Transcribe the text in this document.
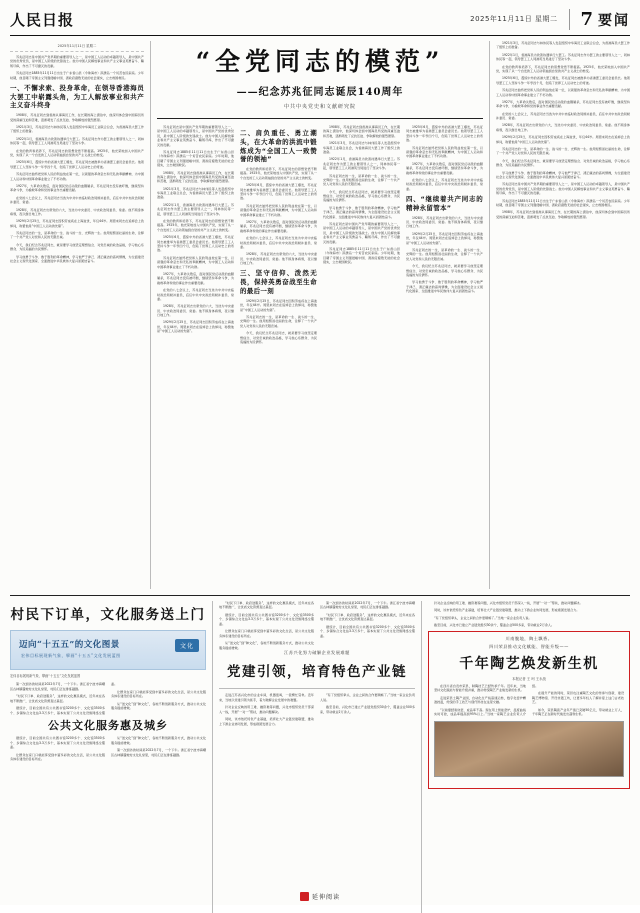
人民日报	2025年11月11日 星期二 7 要闻
2025年11月11日 星期二

苏兆征同志是中国共产党早期的重要领导人之一，是中国工人运动的卓越领导人，是中国共产党的优秀党员，是中国工人阶级的先锋战士。他为中国人民解放事业和共产主义事业英勇奋斗、鞠躬尽瘁，作出了不可磨灭的贡献。

苏兆征同志1885年11月11日出生于广东香山县（今珠海市）淇澳岛一个贫苦农民家庭。少年时期，他目睹了帝国主义列强侵略中国、清政府腐败无能的社会现实，立志救国救民。

一、不懈求索、投身革命，在领导香港海员大罢工中崭露头角，为工人解放事业和共产主义奋斗终身

1908年，苏兆征同志到香港从事海员工作，在长期的海上漂泊中，他深切体会到中国海员所受的深重压迫和苦难，逐渐萌发了反抗压迫、争取解放的强烈愿望。

1921年3月，苏兆征同志与林伟民等人发起组织中华海员工业联合总会，为香港海员大罢工作了组织上的准备。

1922年1月，香港海员为改善待遇举行大罢工。苏兆征同志作为罢工的主要领导人之一，同林伟民等一起，领导罢工工人同港英当局进行了坚决斗争。

在党的教育和培养下，苏兆征同志的思想觉悟不断提高。1925年，他光荣地加入中国共产党，实现了从一个自发的工人运动领袖到自觉的共产主义战士的转变。

1925年6月，震惊中外的省港大罢工爆发，苏兆征同志被推举为省港罢工委员会委员长。他领导罢工工人坚持斗争一年零四个月，创造了世界工人运动史上的奇迹。

苏兆征同志始终把党和人民的利益放在第一位，以顽强的革命意志和无私的奉献精神，为中国工人运动和中国革命事业建立了不朽功勋。

1927年，大革命失败后，面对国民党反动派的血腥屠杀，苏兆征同志没有被吓倒，继续坚持革命斗争，为挽救革命和党的事业作出重要贡献。

在党的八七会议上，苏兆征同志当选为中共中央临时政治局候补委员，后任中共中央政治局候补委员、常委。

1928年，苏兆征同志出席党的六大，当选为中央委员、中央政治局委员、常委。他不顾身体病弱，夜以继日地工作。

1929年2月25日，苏兆征同志因积劳成疾在上海逝世，年仅44岁。周恩来同志在追悼会上致悼词，称赞他是“中国工人运动的先驱”。

苏兆征同志的一生，是革命的一生、战斗的一生、光辉的一生。他用短暂而壮丽的生命，诠释了一个共产党人对党和人民的无限忠诚。

今天，我们纪念苏兆征同志，就是要学习他坚定理想信念、对党忠诚的政治品格，学习他心系群众、为民造福的为民情怀。

学习他勇于斗争、敢于胜利的革命精神，学习他严于律己、清正廉洁的高尚情操，为全面建设社会主义现代化国家、全面推进中华民族伟大复兴而团结奋斗。

“全党同志的模范”
——纪念苏兆征同志诞辰140周年
中共中央党史和文献研究院

苏兆征同志是中国共产党早期的重要领导人之一，是中国工人运动的卓越领导人，是中国共产党的优秀党员，是中国工人阶级的先锋战士。他为中国人民解放事业和共产主义事业英勇奋斗、鞠躬尽瘁，作出了不可磨灭的贡献。

苏兆征同志1885年11月11日出生于广东香山县（今珠海市）淇澳岛一个贫苦农民家庭。少年时期，他目睹了帝国主义列强侵略中国、清政府腐败无能的社会现实，立志救国救民。

1908年，苏兆征同志到香港从事海员工作，在长期的海上漂泊中，他深切体会到中国海员所受的深重压迫和苦难，逐渐萌发了反抗压迫、争取解放的强烈愿望。

1921年3月，苏兆征同志与林伟民等人发起组织中华海员工业联合总会，为香港海员大罢工作了组织上的准备。

1922年1月，香港海员为改善待遇举行大罢工。苏兆征同志作为罢工的主要领导人之一，同林伟民等一起，领导罢工工人同港英当局进行了坚决斗争。

在党的教育和培养下，苏兆征同志的思想觉悟不断提高。1925年，他光荣地加入中国共产党，实现了从一个自发的工人运动领袖到自觉的共产主义战士的转变。

1925年6月，震惊中外的省港大罢工爆发，苏兆征同志被推举为省港罢工委员会委员长。他领导罢工工人坚持斗争一年零四个月，创造了世界工人运动史上的奇迹。

苏兆征同志始终把党和人民的利益放在第一位，以顽强的革命意志和无私的奉献精神，为中国工人运动和中国革命事业建立了不朽功勋。

1927年，大革命失败后，面对国民党反动派的血腥屠杀，苏兆征同志没有被吓倒，继续坚持革命斗争，为挽救革命和党的事业作出重要贡献。

在党的八七会议上，苏兆征同志当选为中共中央临时政治局候补委员，后任中共中央政治局候补委员、常委。

1928年，苏兆征同志出席党的六大，当选为中央委员、中央政治局委员、常委。他不顾身体病弱，夜以继日地工作。

1929年2月25日，苏兆征同志因积劳成疾在上海逝世，年仅44岁。周恩来同志在追悼会上致悼词，称赞他是“中国工人运动的先驱”。

二、肩负重任、勇立潮头，在大革命的洪流中锻炼成为“全国工人一致赞誉的领袖”

在党的教育和培养下，苏兆征同志的思想觉悟不断提高。1925年，他光荣地加入中国共产党，实现了从一个自发的工人运动领袖到自觉的共产主义战士的转变。

1925年6月，震惊中外的省港大罢工爆发，苏兆征同志被推举为省港罢工委员会委员长。他领导罢工工人坚持斗争一年零四个月，创造了世界工人运动史上的奇迹。

苏兆征同志始终把党和人民的利益放在第一位，以顽强的革命意志和无私的奉献精神，为中国工人运动和中国革命事业建立了不朽功勋。

1927年，大革命失败后，面对国民党反动派的血腥屠杀，苏兆征同志没有被吓倒，继续坚持革命斗争，为挽救革命和党的事业作出重要贡献。

在党的八七会议上，苏兆征同志当选为中共中央临时政治局候补委员，后任中共中央政治局候补委员、常委。

1928年，苏兆征同志出席党的六大，当选为中央委员、中央政治局委员、常委。他不顾身体病弱，夜以继日地工作。

三、坚守信仰、泼然无畏，保持英勇奋战至生命的最后一刻

1929年2月25日，苏兆征同志因积劳成疾在上海逝世，年仅44岁。周恩来同志在追悼会上致悼词，称赞他是“中国工人运动的先驱”。

苏兆征同志的一生，是革命的一生、战斗的一生、光辉的一生。他用短暂而壮丽的生命，诠释了一个共产党人对党和人民的无限忠诚。

今天，我们纪念苏兆征同志，就是要学习他坚定理想信念、对党忠诚的政治品格，学习他心系群众、为民造福的为民情怀。

1908年，苏兆征同志到香港从事海员工作，在长期的海上漂泊中，他深切体会到中国海员所受的深重压迫和苦难，逐渐萌发了反抗压迫、争取解放的强烈愿望。

1921年3月，苏兆征同志与林伟民等人发起组织中华海员工业联合总会，为香港海员大罢工作了组织上的准备。

1922年1月，香港海员为改善待遇举行大罢工。苏兆征同志作为罢工的主要领导人之一，同林伟民等一起，领导罢工工人同港英当局进行了坚决斗争。

苏兆征同志的一生，是革命的一生、战斗的一生、光辉的一生。他用短暂而壮丽的生命，诠释了一个共产党人对党和人民的无限忠诚。

今天，我们纪念苏兆征同志，就是要学习他坚定理想信念、对党忠诚的政治品格，学习他心系群众、为民造福的为民情怀。

学习他勇于斗争、敢于胜利的革命精神，学习他严于律己、清正廉洁的高尚情操，为全面建设社会主义现代化国家、全面推进中华民族伟大复兴而团结奋斗。

苏兆征同志是中国共产党早期的重要领导人之一，是中国工人运动的卓越领导人，是中国共产党的优秀党员，是中国工人阶级的先锋战士。他为中国人民解放事业和共产主义事业英勇奋斗、鞠躬尽瘁，作出了不可磨灭的贡献。

苏兆征同志1885年11月11日出生于广东香山县（今珠海市）淇澳岛一个贫苦农民家庭。少年时期，他目睹了帝国主义列强侵略中国、清政府腐败无能的社会现实，立志救国救民。

1925年6月，震惊中外的省港大罢工爆发，苏兆征同志被推举为省港罢工委员会委员长。他领导罢工工人坚持斗争一年零四个月，创造了世界工人运动史上的奇迹。

苏兆征同志始终把党和人民的利益放在第一位，以顽强的革命意志和无私的奉献精神，为中国工人运动和中国革命事业建立了不朽功勋。

1927年，大革命失败后，面对国民党反动派的血腥屠杀，苏兆征同志没有被吓倒，继续坚持革命斗争，为挽救革命和党的事业作出重要贡献。

在党的八七会议上，苏兆征同志当选为中共中央临时政治局候补委员，后任中共中央政治局候补委员、常委。

四、“继续着共产同志的精神永留管本”

1928年，苏兆征同志出席党的六大，当选为中央委员、中央政治局委员、常委。他不顾身体病弱，夜以继日地工作。

1929年2月25日，苏兆征同志因积劳成疾在上海逝世，年仅44岁。周恩来同志在追悼会上致悼词，称赞他是“中国工人运动的先驱”。

苏兆征同志的一生，是革命的一生、战斗的一生、光辉的一生。他用短暂而壮丽的生命，诠释了一个共产党人对党和人民的无限忠诚。

今天，我们纪念苏兆征同志，就是要学习他坚定理想信念、对党忠诚的政治品格，学习他心系群众、为民造福的为民情怀。

学习他勇于斗争、敢于胜利的革命精神，学习他严于律己、清正廉洁的高尚情操，为全面建设社会主义现代化国家、全面推进中华民族伟大复兴而团结奋斗。

1921年3月，苏兆征同志与林伟民等人发起组织中华海员工业联合总会，为香港海员大罢工作了组织上的准备。

1922年1月，香港海员为改善待遇举行大罢工。苏兆征同志作为罢工的主要领导人之一，同林伟民等一起，领导罢工工人同港英当局进行了坚决斗争。

在党的教育和培养下，苏兆征同志的思想觉悟不断提高。1925年，他光荣地加入中国共产党，实现了从一个自发的工人运动领袖到自觉的共产主义战士的转变。

1925年6月，震惊中外的省港大罢工爆发，苏兆征同志被推举为省港罢工委员会委员长。他领导罢工工人坚持斗争一年零四个月，创造了世界工人运动史上的奇迹。

苏兆征同志始终把党和人民的利益放在第一位，以顽强的革命意志和无私的奉献精神，为中国工人运动和中国革命事业建立了不朽功勋。

1927年，大革命失败后，面对国民党反动派的血腥屠杀，苏兆征同志没有被吓倒，继续坚持革命斗争，为挽救革命和党的事业作出重要贡献。

在党的八七会议上，苏兆征同志当选为中共中央临时政治局候补委员，后任中共中央政治局候补委员、常委。

1928年，苏兆征同志出席党的六大，当选为中央委员、中央政治局委员、常委。他不顾身体病弱，夜以继日地工作。

1929年2月25日，苏兆征同志因积劳成疾在上海逝世，年仅44岁。周恩来同志在追悼会上致悼词，称赞他是“中国工人运动的先驱”。

苏兆征同志的一生，是革命的一生、战斗的一生、光辉的一生。他用短暂而壮丽的生命，诠释了一个共产党人对党和人民的无限忠诚。

今天，我们纪念苏兆征同志，就是要学习他坚定理想信念、对党忠诚的政治品格，学习他心系群众、为民造福的为民情怀。

学习他勇于斗争、敢于胜利的革命精神，学习他严于律己、清正廉洁的高尚情操，为全面建设社会主义现代化国家、全面推进中华民族伟大复兴而团结奋斗。

苏兆征同志是中国共产党早期的重要领导人之一，是中国工人运动的卓越领导人，是中国共产党的优秀党员，是中国工人阶级的先锋战士。他为中国人民解放事业和共产主义事业英勇奋斗、鞠躬尽瘁，作出了不可磨灭的贡献。

苏兆征同志1885年11月11日出生于广东香山县（今珠海市）淇澳岛一个贫苦农民家庭。少年时期，他目睹了帝国主义列强侵略中国、清政府腐败无能的社会现实，立志救国救民。

1908年，苏兆征同志到香港从事海员工作，在长期的海上漂泊中，他深切体会到中国海员所受的深重压迫和苦难，逐渐萌发了反抗压迫、争取解放的强烈愿望。

村民下订单，文化服务送上门
迈向“十五五”的文化图景
宏伟目标展现新气象，擘画“十五五”文化发展蓝图
文化
宏伟目标展现新气象，擘画“十五五”文化发展蓝图

第一次到访的时间是2022年7月，一个下午。浙江省宁波市海曙区古林镇蜃蛟村文化礼堂里，村民们正在排练越剧。

“村民下订单、政府送服务”，这样的文化惠民模式，近年来在各地不断推广，让优质文化资源直达基层。

据统计，目前全国共有公共图书馆3200多个、文化馆3500多个、乡镇综合文化站3.3万多个，基本实现了公共文化设施网络全覆盖。

让群众在家门口就能享受到丰富多彩的文化生活，是公共文化服务体系建设的目标所在。

从“送文化”到“种文化”，各地不断创新服务方式，推动公共文化服务提质增效。

公共文化服务惠及城乡

据统计，目前全国共有公共图书馆3200多个、文化馆3500多个、乡镇综合文化站3.3万多个，基本实现了公共文化设施网络全覆盖。

让群众在家门口就能享受到丰富多彩的文化生活，是公共文化服务体系建设的目标所在。

从“送文化”到“种文化”，各地不断创新服务方式，推动公共文化服务提质增效。

第一次到访的时间是2022年7月，一个下午。浙江省宁波市海曙区古林镇蜃蛟村文化礼堂里，村民们正在排练越剧。

“村民下订单、政府送服务”，这样的文化惠民模式，近年来在各地不断推广，让优质文化资源直达基层。

据统计，目前全国共有公共图书馆3200多个、文化馆3500多个、乡镇综合文化站3.3万多个，基本实现了公共文化设施网络全覆盖。

让群众在家门口就能享受到丰富多彩的文化生活，是公共文化服务体系建设的目标所在。

从“送文化”到“种文化”，各地不断创新服务方式，推动公共文化服务提质增效。

第一次到访的时间是2022年7月，一个下午。浙江省宁波市海曙区古林镇蜃蛟村文化礼堂里，村民们正在排练越剧。

“村民下订单、政府送服务”，这样的文化惠民模式，近年来在各地不断推广，让优质文化资源直达基层。

据统计，目前全国共有公共图书馆3200多个、文化馆3500多个、乡镇综合文化站3.3万多个，基本实现了公共文化设施网络全覆盖。

江苏兴化努力破解企业发展难题
党建引领，培育特色产业链

走进江苏省兴化市的企业车间，机器轰鸣，一派繁忙景象。近年来，当地以党建引领为抓手，着力破解企业发展中的难题。

针对企业反映的用工难、融资难等问题，兴化市组织党员干部深入一线，开展“一对一”帮扶，推动问题解决。

同时，该市依托特色产业基础，培育壮大产业链党建联盟，推动上下游企业协同发展，形成抱团发展合力。

“有了党组织牵头，企业之间的合作更顺畅了。”当地一家企业负责人说。

截至目前，兴化市已建立产业链党组织30余个，覆盖企业500多家，带动就业2万余人。

针对企业反映的用工难、融资难等问题，兴化市组织党员干部深入一线，开展“一对一”帮扶，推动问题解决。

同时，该市依托特色产业基础，培育壮大产业链党建联盟，推动上下游企业协同发展，形成抱团发展合力。

“有了党组织牵头，企业之间的合作更顺畅了。”当地一家企业负责人说。

截至目前，兴化市已建立产业链党组织30余个，覆盖企业500多家，带动就业2万余人。

川南腹地，陶土飘香。
四川荣县推动文化赋能、智能升级——
千年陶艺焕发新生机
本报记者 王 珂 王永战

在四川省自贡市荣县，制陶技艺已经传承千年。近年来，当地坚持文化赋能与智能升级并重，推动传统陶艺产业焕发新的生机。

走进荣县土陶产业园，自动化生产线高速运转，数字化窑炉精准控温，传统的手工技艺与现代科技在这里交融。

“以前靠经验烧窑，成品率不高。现在用上智能窑炉，温度曲线实时可控，成品率提高到95%以上。”当地一家陶艺企业负责人介绍。

在提升产能的同时，荣县也注重陶艺文化的传承与创新，建设陶艺博物馆、开设非遗工坊，让更多年轻人了解并爱上这门古老技艺。

如今，荣县陶瓷产业年产值已突破50亿元，带动就业上万人，千年陶艺正在新时代焕发出蓬勃生机。

延伸阅读
